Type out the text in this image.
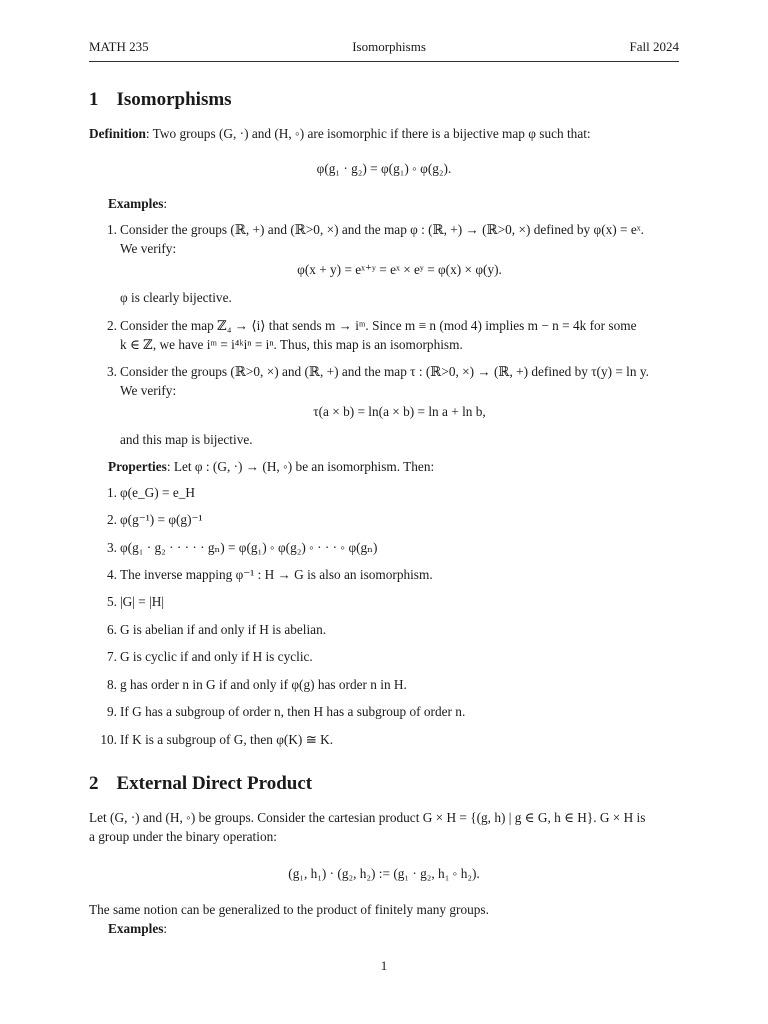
MATH 235	Isomorphisms	Fall 2024
1 Isomorphisms
Definition: Two groups (G, ·) and (H, ◦) are isomorphic if there is a bijective map φ such that:
φ(g₁ · g₂) = φ(g₁) ◦ φ(g₂).
Examples:
1. Consider the groups (ℝ, +) and (ℝ>0, ×) and the map φ : (ℝ, +) → (ℝ>0, ×) defined by φ(x) = eˣ.
We verify:
φ(x + y) = eˣ⁺ʸ = eˣ × eʸ = φ(x) × φ(y).
φ is clearly bijective.
2. Consider the map ℤ₄ → ⟨i⟩ that sends m → iᵐ. Since m ≡ n (mod 4) implies m − n = 4k for some
k ∈ ℤ, we have iᵐ = i⁴ᵏiⁿ = iⁿ. Thus, this map is an isomorphism.
3. Consider the groups (ℝ>0, ×) and (ℝ, +) and the map τ : (ℝ>0, ×) → (ℝ, +) defined by τ(y) = ln y.
We verify:
τ(a × b) = ln(a × b) = ln a + ln b,
and this map is bijective.
Properties: Let φ : (G, ·) → (H, ◦) be an isomorphism. Then:
1. φ(e_G) = e_H
2. φ(g⁻¹) = φ(g)⁻¹
3. φ(g₁ · g₂ · · · · · gₙ) = φ(g₁) ◦ φ(g₂) ◦ · · · ◦ φ(gₙ)
4. The inverse mapping φ⁻¹ : H → G is also an isomorphism.
5. |G| = |H|
6. G is abelian if and only if H is abelian.
7. G is cyclic if and only if H is cyclic.
8. g has order n in G if and only if φ(g) has order n in H.
9. If G has a subgroup of order n, then H has a subgroup of order n.
10. If K is a subgroup of G, then φ(K) ≅ K.
2 External Direct Product
Let (G, ·) and (H, ◦) be groups. Consider the cartesian product G × H = {(g, h) | g ∈ G, h ∈ H}. G × H is
a group under the binary operation:
(g₁, h₁) · (g₂, h₂) := (g₁ · g₂, h₁ ◦ h₂).
The same notion can be generalized to the product of finitely many groups.
Examples:
1
